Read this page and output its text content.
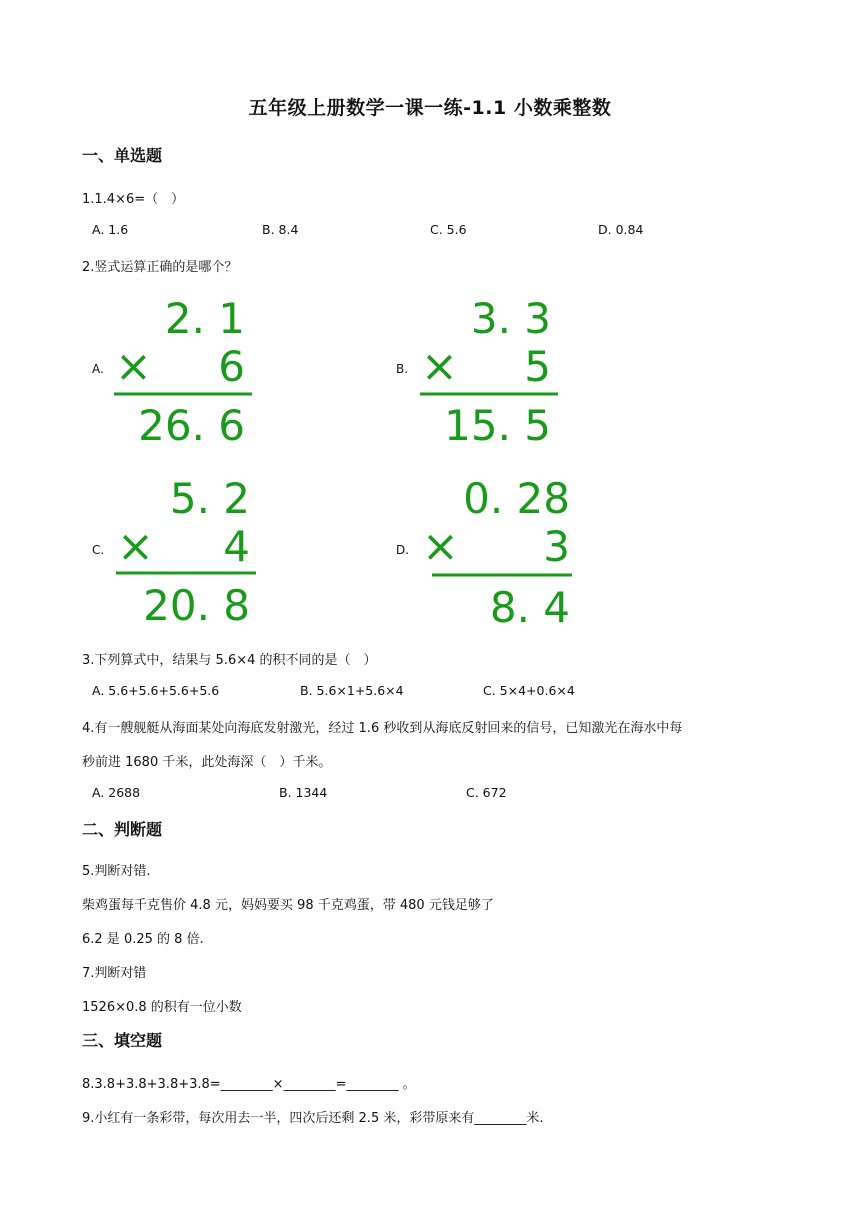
五年级上册数学一课一练-1.1 小数乘整数
一、单选题
1.1.4×6=（　）
A. 1.6	B. 8.4	C. 5.6	D. 0.84
2.竖式运算正确的是哪个？
A.
2. 1
× 6
26. 6
B.
3. 3
× 5
15. 5
C.
5. 2
× 4
20. 8
D.
0. 28
× 3
8. 4
3.下列算式中，结果与 5.6×4 的积不同的是（　）
A. 5.6+5.6+5.6+5.6	B. 5.6×1+5.6×4	C. 5×4+0.6×4
4.有一艘舰艇从海面某处向海底发射激光，经过 1.6 秒收到从海底反射回来的信号，已知激光在海水中每
秒前进 1680 千米，此处海深（　）千米。
A. 2688	B. 1344	C. 672
二、判断题
5.判断对错.
柴鸡蛋每千克售价 4.8 元，妈妈要买 98 千克鸡蛋，带 480 元钱足够了
6.2 是 0.25 的 8 倍.
7.判断对错
1526×0.8 的积有一位小数
三、填空题
8.3.8+3.8+3.8+3.8=________×________=________ 。
9.小红有一条彩带，每次用去一半，四次后还剩 2.5 米，彩带原来有________米.
